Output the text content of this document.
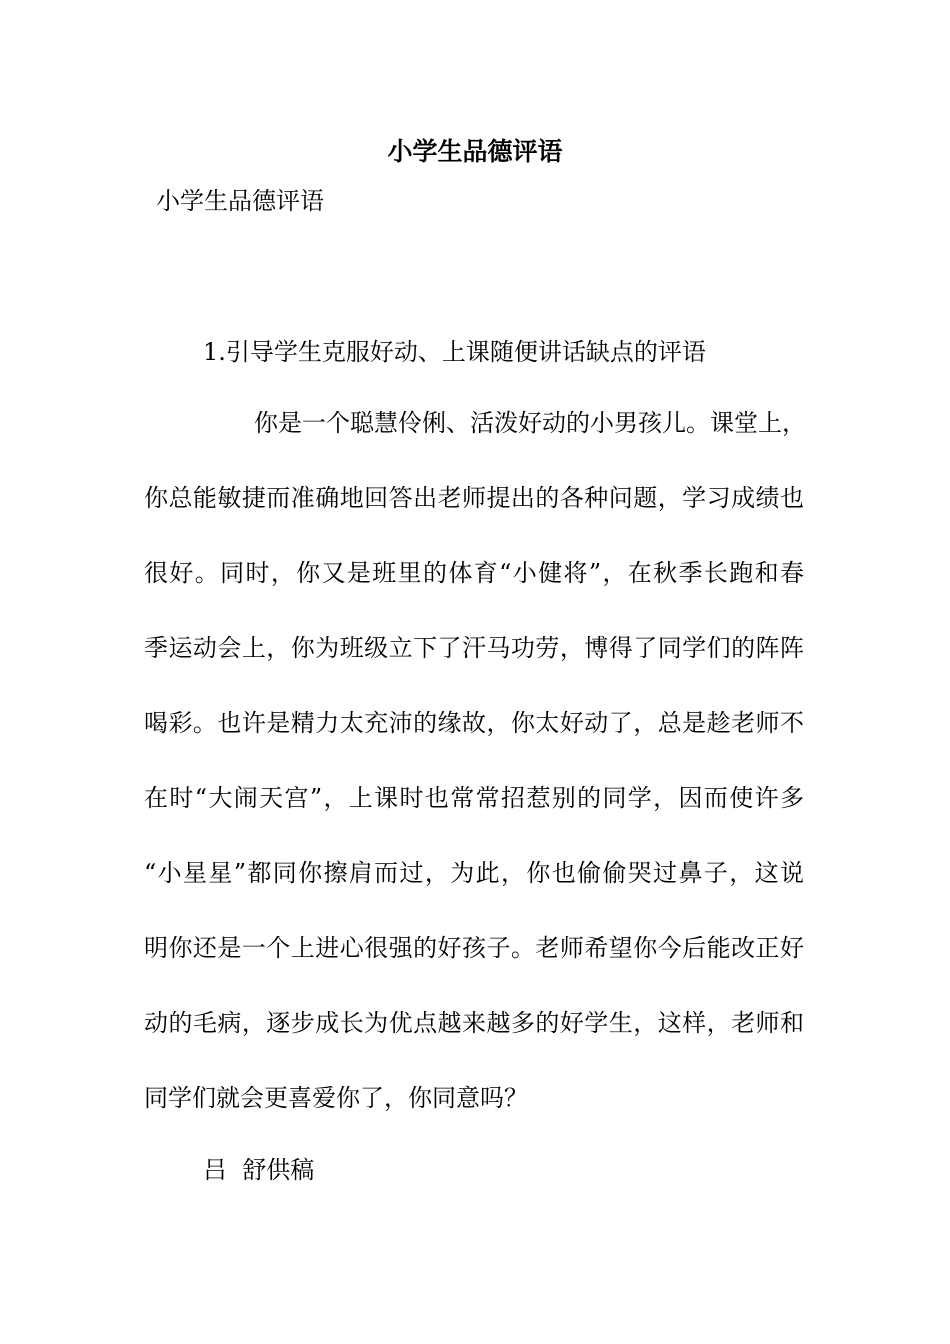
小学生品德评语
小学生品德评语
1.引导学生克服好动、上课随便讲话缺点的评语
你是一个聪慧伶俐、活泼好动的小男孩儿。课堂上，
你总能敏捷而准确地回答出老师提出的各种问题，学习成绩也
很好。同时，你又是班里的体育“小健将”，在秋季长跑和春
季运动会上，你为班级立下了汗马功劳，博得了同学们的阵阵
喝彩。也许是精力太充沛的缘故，你太好动了，总是趁老师不
在时“大闹天宫”，上课时也常常招惹别的同学，因而使许多
“小星星”都同你擦肩而过，为此，你也偷偷哭过鼻子，这说
明你还是一个上进心很强的好孩子。老师希望你今后能改正好
动的毛病，逐步成长为优点越来越多的好学生，这样，老师和
同学们就会更喜爱你了，你同意吗？
吕  舒供稿
